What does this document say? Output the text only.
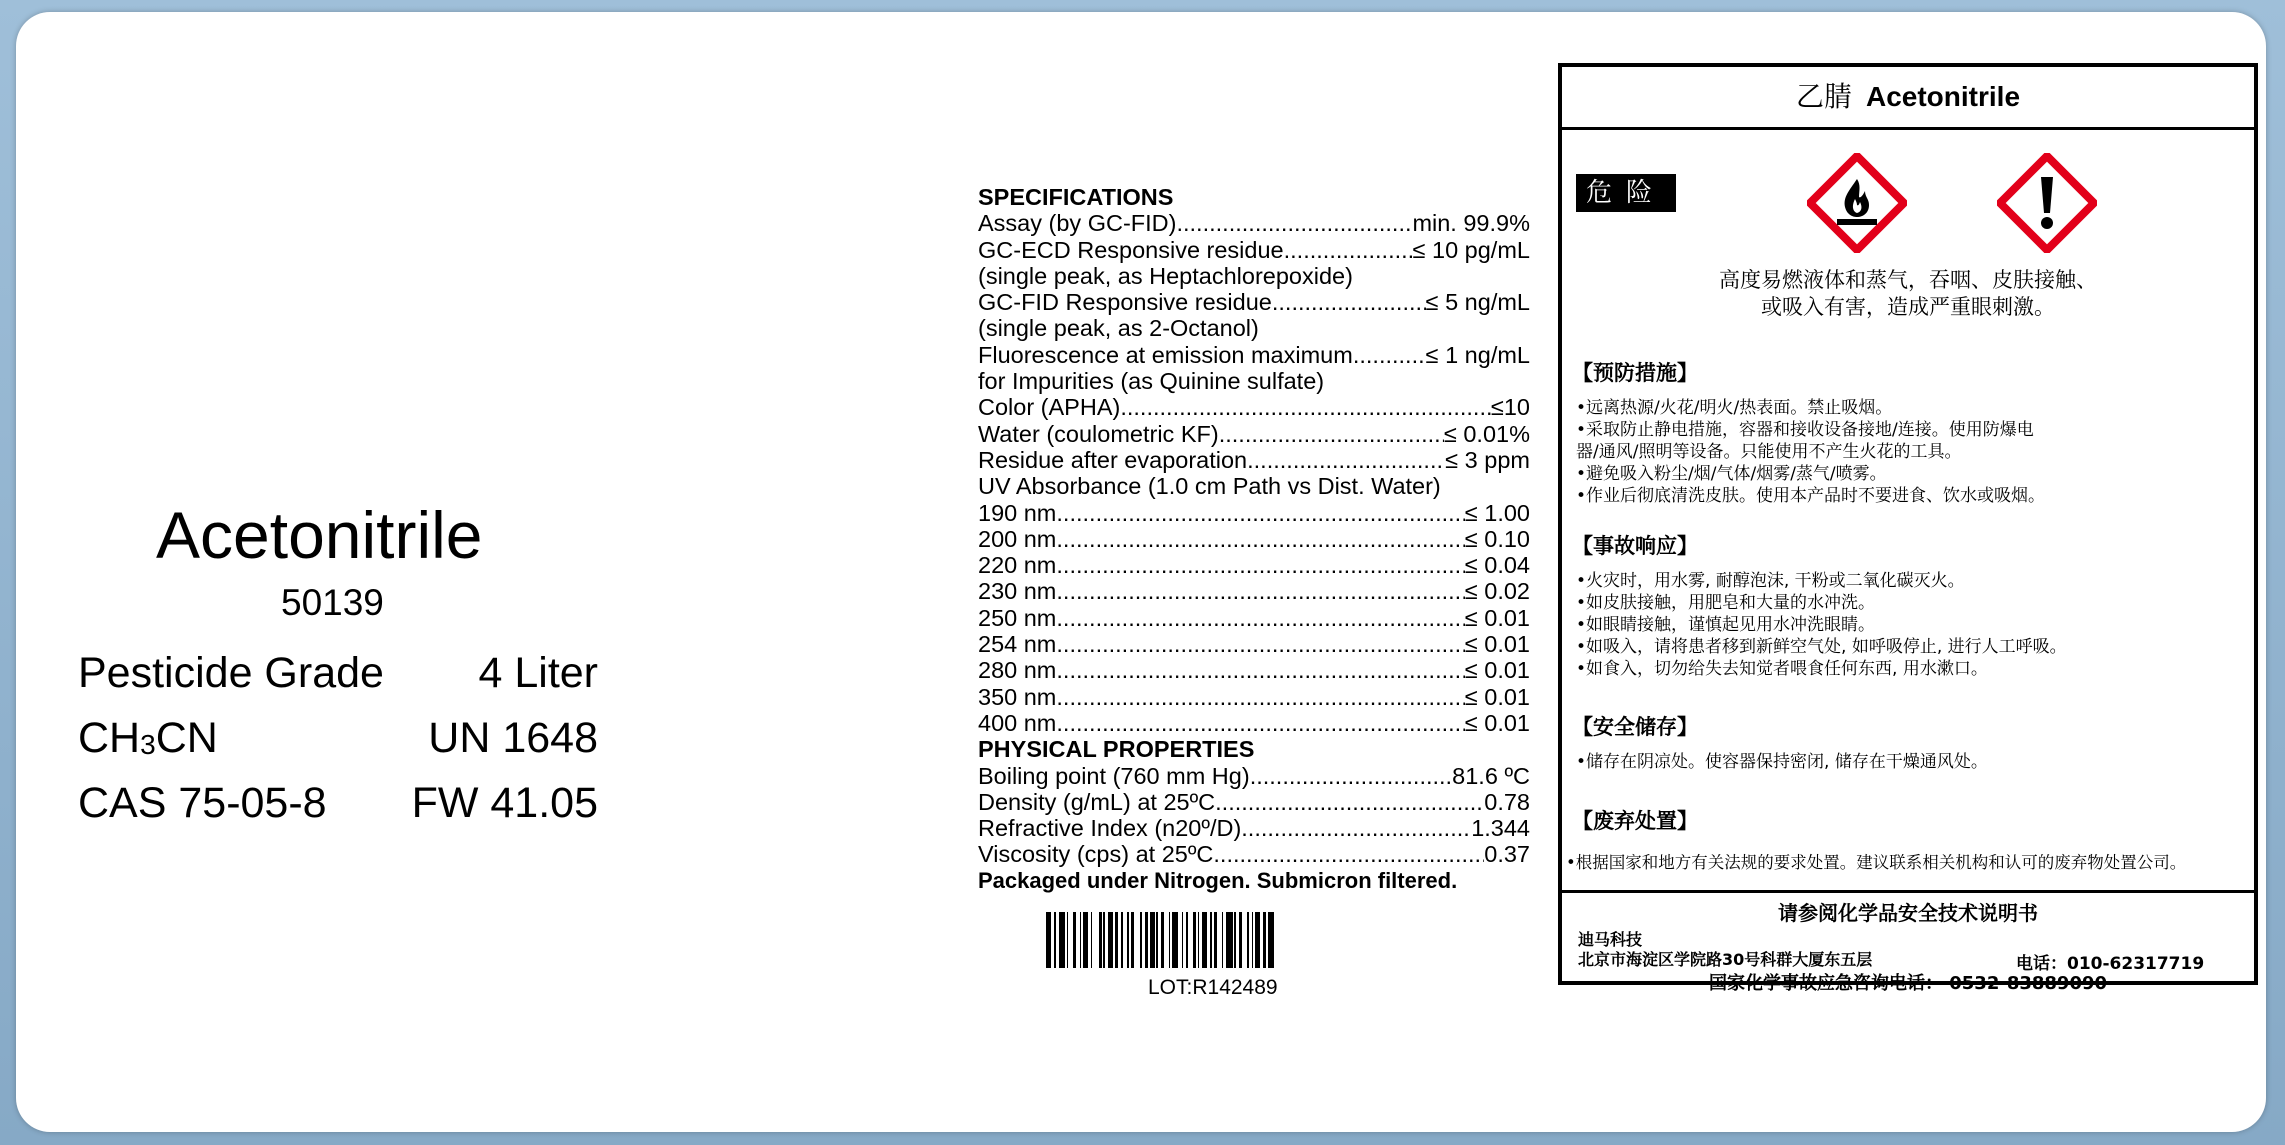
Acetonitrile
50139
Pesticide Grade 4 Liter
$CH_3CN$	UN 1648
CAS 75-05-8 FW 41.05
SPECIFICATIONS
Assay (by GC-FID) .....	min. 99.9%
GC-ECD Responsive residue .....	≤ 10 pg/mL
(single peak, as Heptachlorepoxide)
GC-FID Responsive residue .....	≤ 5 ng/mL
(single peak, as 2-Octanol)
Fluorescence at emission maximum .....	≤ 1 ng/mL
for Impurities (as Quinine sulfate)
Color (APHA) .....	≤10
Water (coulometric KF) .....	≤ 0.01%
Residue after evaporation .....	≤ 3 ppm
UV Absorbance (1.0 cm Path vs Dist. Water)
190 nm .....	≤ 1.00
200 nm .....	≤ 0.10
220 nm .....	≤ 0.04
230 nm .....	≤ 0.02
250 nm .....	≤ 0.01
254 nm .....	≤ 0.01
280 nm .....	≤ 0.01
350 nm .....	≤ 0.01
400 nm .....	≤ 0.01
PHYSICAL PROPERTIES
Boiling point (760 mm Hg) .....	81.6 ºC
Density (g/mL) at 25ºC .....	0.78
Refractive Index (n20º/D) .....	1.344
Viscosity (cps) at 25ºC .....	0.37
Packaged under Nitrogen. Submicron filtered.
LOT:R142489
乙腈 Acetonitrile
危险
高度易燃液体和蒸气，吞咽、皮肤接触、
或吸入有害，造成严重眼刺激。
【预防措施】
•远离热源/火花/明火/热表面。禁止吸烟。
•采取防止静电措施，容器和接收设备接地/连接。使用防爆电
器/通风/照明等设备。只能使用不产生火花的工具。
•避免吸入粉尘/烟/气体/烟雾/蒸气/喷雾。
•作业后彻底清洗皮肤。使用本产品时不要进食、饮水或吸烟。
【事故响应】
•火灾时，用水雾, 耐醇泡沫, 干粉或二氧化碳灭火。
•如皮肤接触，用肥皂和大量的水冲洗。
•如眼睛接触，谨慎起见用水冲洗眼睛。
•如吸入，请将患者移到新鲜空气处, 如呼吸停止, 进行人工呼吸。
•如食入，切勿给失去知觉者喂食任何东西, 用水漱口。
【安全储存】
•储存在阴凉处。使容器保持密闭, 储存在干燥通风处。
【废弃处置】
•根据国家和地方有关法规的要求处置。建议联系相关机构和认可的废弃物处置公司。
请参阅化学品安全技术说明书
迪马科技
北京市海淀区学院路30号科群大厦东五层	电话：010-62317719
国家化学事故应急咨询电话： 0532-83889090
